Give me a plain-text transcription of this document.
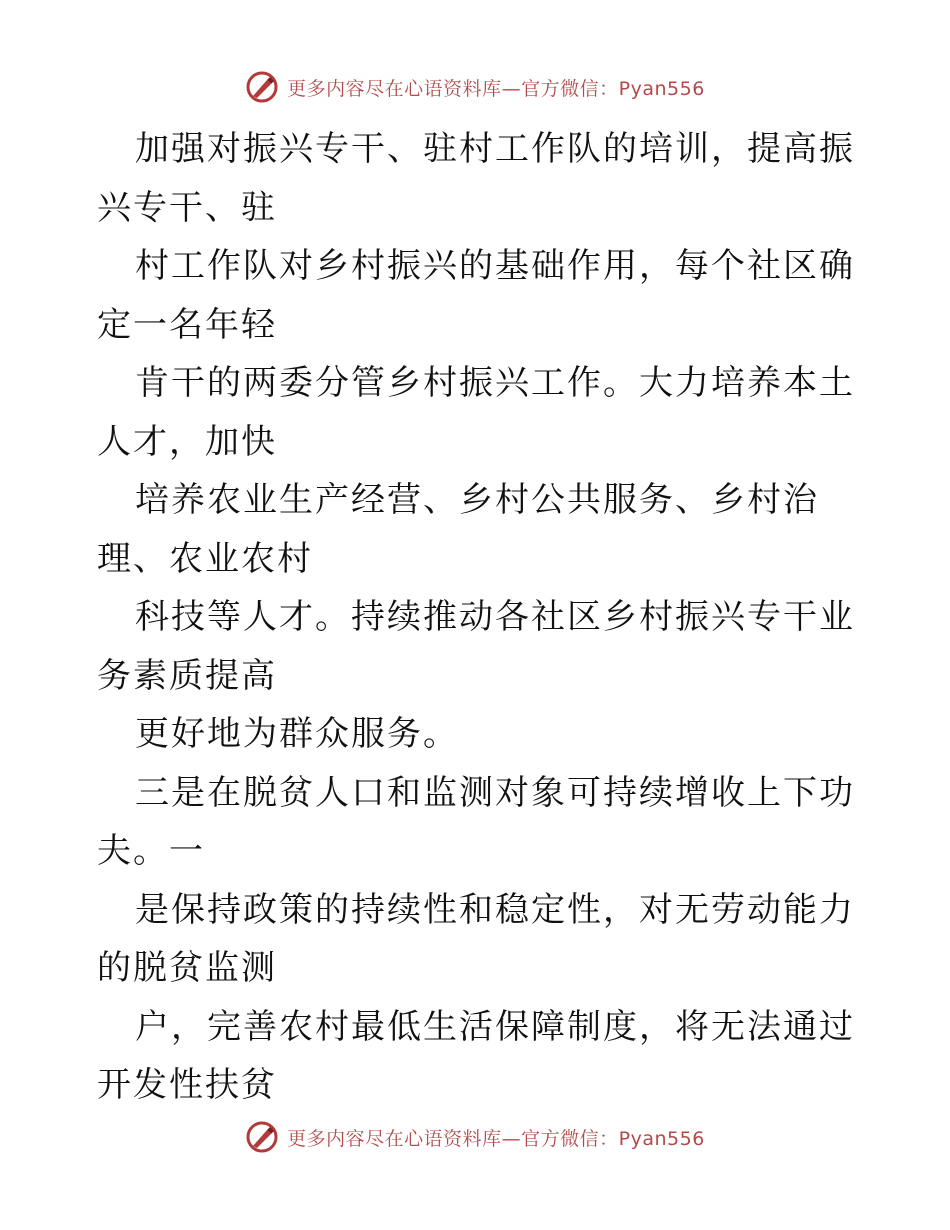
更多内容尽在心语资料库—官方微信：Pyan556

加强对振兴专干、驻村工作队的培训，提高振兴专干、驻

村工作队对乡村振兴的基础作用，每个社区确定一名年轻

肯干的两委分管乡村振兴工作。大力培养本土人才，加快

培养农业生产经营、乡村公共服务、乡村治理、农业农村

科技等人才。持续推动各社区乡村振兴专干业务素质提高

更好地为群众服务。

三是在脱贫人口和监测对象可持续增收上下功夫。一

是保持政策的持续性和稳定性，对无劳动能力的脱贫监测

户，完善农村最低生活保障制度，将无法通过开发性扶贫

更多内容尽在心语资料库—官方微信：Pyan556
